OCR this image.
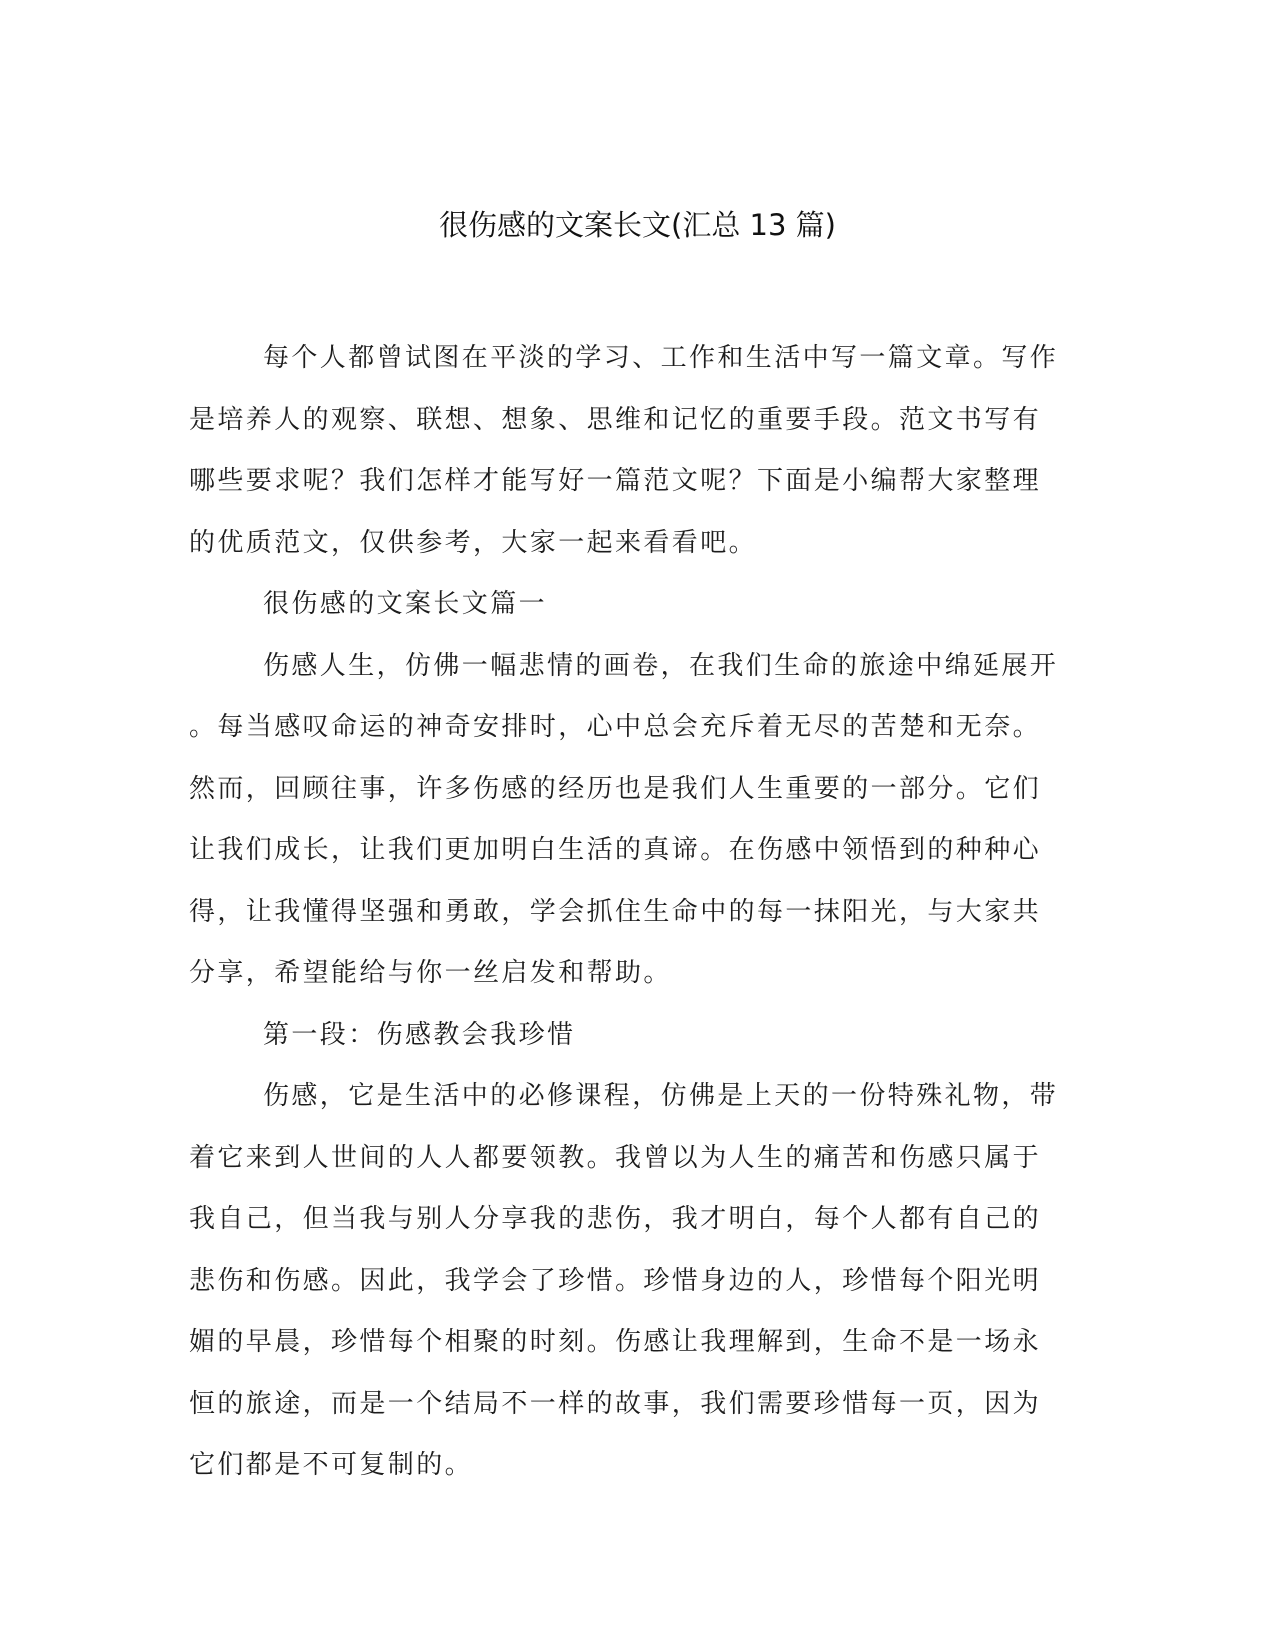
很伤感的文案长文(汇总 13 篇)

每个人都曾试图在平淡的学习、工作和生活中写一篇文章。写作
是培养人的观察、联想、想象、思维和记忆的重要手段。范文书写有
哪些要求呢？我们怎样才能写好一篇范文呢？下面是小编帮大家整理
的优质范文，仅供参考，大家一起来看看吧。

很伤感的文案长文篇一

伤感人生，仿佛一幅悲情的画卷，在我们生命的旅途中绵延展开
。每当感叹命运的神奇安排时，心中总会充斥着无尽的苦楚和无奈。
然而，回顾往事，许多伤感的经历也是我们人生重要的一部分。它们
让我们成长，让我们更加明白生活的真谛。在伤感中领悟到的种种心
得，让我懂得坚强和勇敢，学会抓住生命中的每一抹阳光，与大家共
分享，希望能给与你一丝启发和帮助。

第一段：伤感教会我珍惜

伤感，它是生活中的必修课程，仿佛是上天的一份特殊礼物，带
着它来到人世间的人人都要领教。我曾以为人生的痛苦和伤感只属于
我自己，但当我与别人分享我的悲伤，我才明白，每个人都有自己的
悲伤和伤感。因此，我学会了珍惜。珍惜身边的人，珍惜每个阳光明
媚的早晨，珍惜每个相聚的时刻。伤感让我理解到，生命不是一场永
恒的旅途，而是一个结局不一样的故事，我们需要珍惜每一页，因为
它们都是不可复制的。
